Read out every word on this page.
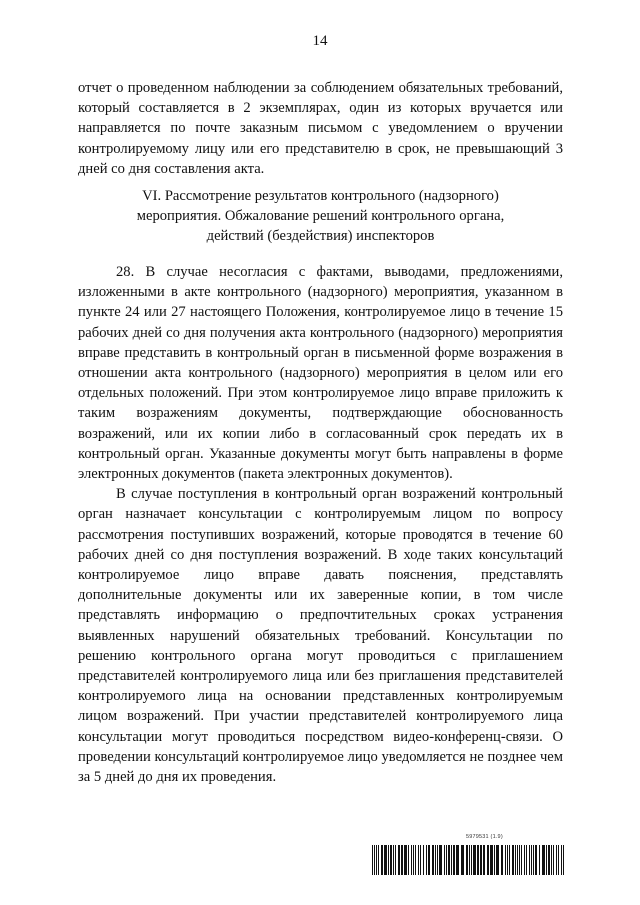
14

отчет о проведенном наблюдении за соблюдением обязательных требований, который составляется в 2 экземплярах, один из которых вручается или направляется по почте заказным письмом с уведомлением о вручении контролируемому лицу или его представителю в срок, не превышающий 3 дней со дня составления акта.

VI. Рассмотрение результатов контрольного (надзорного)
мероприятия. Обжалование решений контрольного органа,
действий (бездействия) инспекторов

28. В случае несогласия с фактами, выводами, предложениями, изложенными в акте контрольного (надзорного) мероприятия, указанном в пункте 24 или 27 настоящего Положения, контролируемое лицо в течение 15 рабочих дней со дня получения акта контрольного (надзорного) мероприятия вправе представить в контрольный орган в письменной форме возражения в отношении акта контрольного (надзорного) мероприятия в целом или его отдельных положений. При этом контролируемое лицо вправе приложить к таким возражениям документы, подтверждающие обоснованность возражений, или их копии либо в согласованный срок передать их в контрольный орган. Указанные документы могут быть направлены в форме электронных документов (пакета электронных документов).

В случае поступления в контрольный орган возражений контрольный орган назначает консультации с контролируемым лицом по вопросу рассмотрения поступивших возражений, которые проводятся в течение 60 рабочих дней со дня поступления возражений. В ходе таких консультаций контролируемое лицо вправе давать пояснения, представлять дополнительные документы или их заверенные копии, в том числе представлять информацию о предпочтительных сроках устранения выявленных нарушений обязательных требований. Консультации по решению контрольного органа могут проводиться с приглашением представителей контролируемого лица или без приглашения представителей контролируемого лица на основании представленных контролируемым лицом возражений. При участии представителей контролируемого лица консультации могут проводиться посредством видео-конференц-связи. О проведении консультаций контролируемое лицо уведомляется не позднее чем за 5 дней до дня их проведения.

5979531 (1.9)
